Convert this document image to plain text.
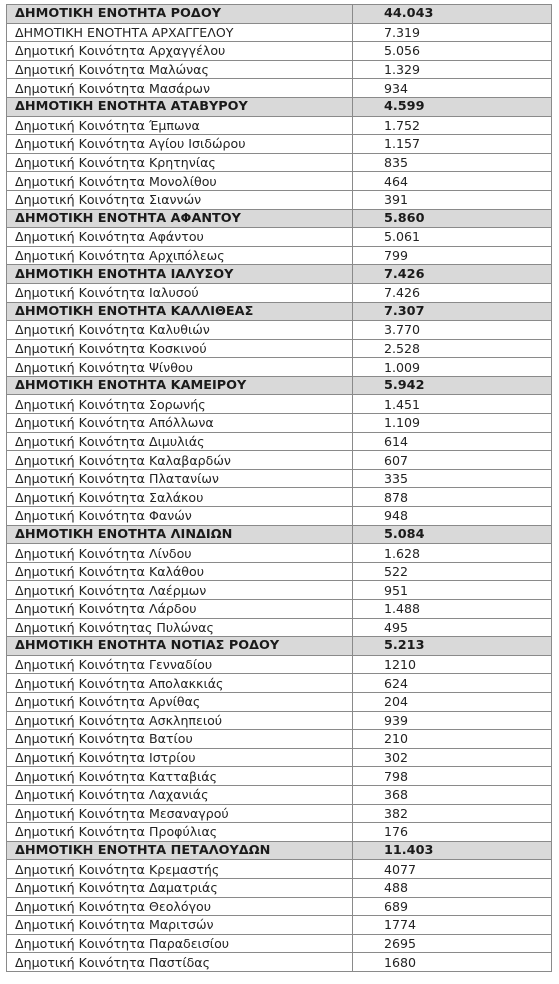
ΔΗΜΟΤΙΚΗ ΕΝΟΤΗΤΑ ΡΟΔΟΥ	44.043
ΔΗΜΟΤΙΚΗ ΕΝΟΤΗΤΑ ΑΡΧΑΓΓΕΛΟΥ	7.319
Δημοτική Κοινότητα Αρχαγγέλου	5.056
Δημοτική Κοινότητα Μαλώνας	1.329
Δημοτική Κοινότητα Μασάρων	934
ΔΗΜΟΤΙΚΗ ΕΝΟΤΗΤΑ ΑΤΑΒΥΡΟΥ	4.599
Δημοτική Κοινότητα Έμπωνα	1.752
Δημοτική Κοινότητα Αγίου Ισιδώρου	1.157
Δημοτική Κοινότητα Κρητηνίας	835
Δημοτική Κοινότητα Μονολίθου	464
Δημοτική Κοινότητα Σιαννών	391
ΔΗΜΟΤΙΚΗ ΕΝΟΤΗΤΑ ΑΦΑΝΤΟΥ	5.860
Δημοτική Κοινότητα Αφάντου	5.061
Δημοτική Κοινότητα Αρχιπόλεως	799
ΔΗΜΟΤΙΚΗ ΕΝΟΤΗΤΑ ΙΑΛΥΣΟΥ	7.426
Δημοτική Κοινότητα Ιαλυσού	7.426
ΔΗΜΟΤΙΚΗ ΕΝΟΤΗΤΑ ΚΑΛΛΙΘΕΑΣ	7.307
Δημοτική Κοινότητα Καλυθιών	3.770
Δημοτική Κοινότητα Κοσκινού	2.528
Δημοτική Κοινότητα Ψίνθου	1.009
ΔΗΜΟΤΙΚΗ ΕΝΟΤΗΤΑ ΚΑΜΕΙΡΟΥ	5.942
Δημοτική Κοινότητα Σορωνής	1.451
Δημοτική Κοινότητα Απόλλωνα	1.109
Δημοτική Κοινότητα Διμυλιάς	614
Δημοτική Κοινότητα Καλαβαρδών	607
Δημοτική Κοινότητα Πλατανίων	335
Δημοτική Κοινότητα Σαλάκου	878
Δημοτική Κοινότητα Φανών	948
ΔΗΜΟΤΙΚΗ ΕΝΟΤΗΤΑ ΛΙΝΔΙΩΝ	5.084
Δημοτική Κοινότητα Λίνδου	1.628
Δημοτική Κοινότητα Καλάθου	522
Δημοτική Κοινότητα Λαέρμων	951
Δημοτική Κοινότητα Λάρδου	1.488
Δημοτική Κοινότητας Πυλώνας	495
ΔΗΜΟΤΙΚΗ ΕΝΟΤΗΤΑ ΝΟΤΙΑΣ ΡΟΔΟΥ	5.213
Δημοτική Κοινότητα Γενναδίου	1210
Δημοτική Κοινότητα Απολακκιάς	624
Δημοτική Κοινότητα Αρνίθας	204
Δημοτική Κοινότητα Ασκληπειού	939
Δημοτική Κοινότητα Βατίου	210
Δημοτική Κοινότητα Ιστρίου	302
Δημοτική Κοινότητα Κατταβιάς	798
Δημοτική Κοινότητα Λαχανιάς	368
Δημοτική Κοινότητα Μεσαναγρού	382
Δημοτική Κοινότητα Προφύλιας	176
ΔΗΜΟΤΙΚΗ ΕΝΟΤΗΤΑ ΠΕΤΑΛΟΥΔΩΝ	11.403
Δημοτική Κοινότητα Κρεμαστής	4077
Δημοτική Κοινότητα Δαματριάς	488
Δημοτική Κοινότητα Θεολόγου	689
Δημοτική Κοινότητα Μαριτσών	1774
Δημοτική Κοινότητα Παραδεισίου	2695
Δημοτική Κοινότητα Παστίδας	1680
